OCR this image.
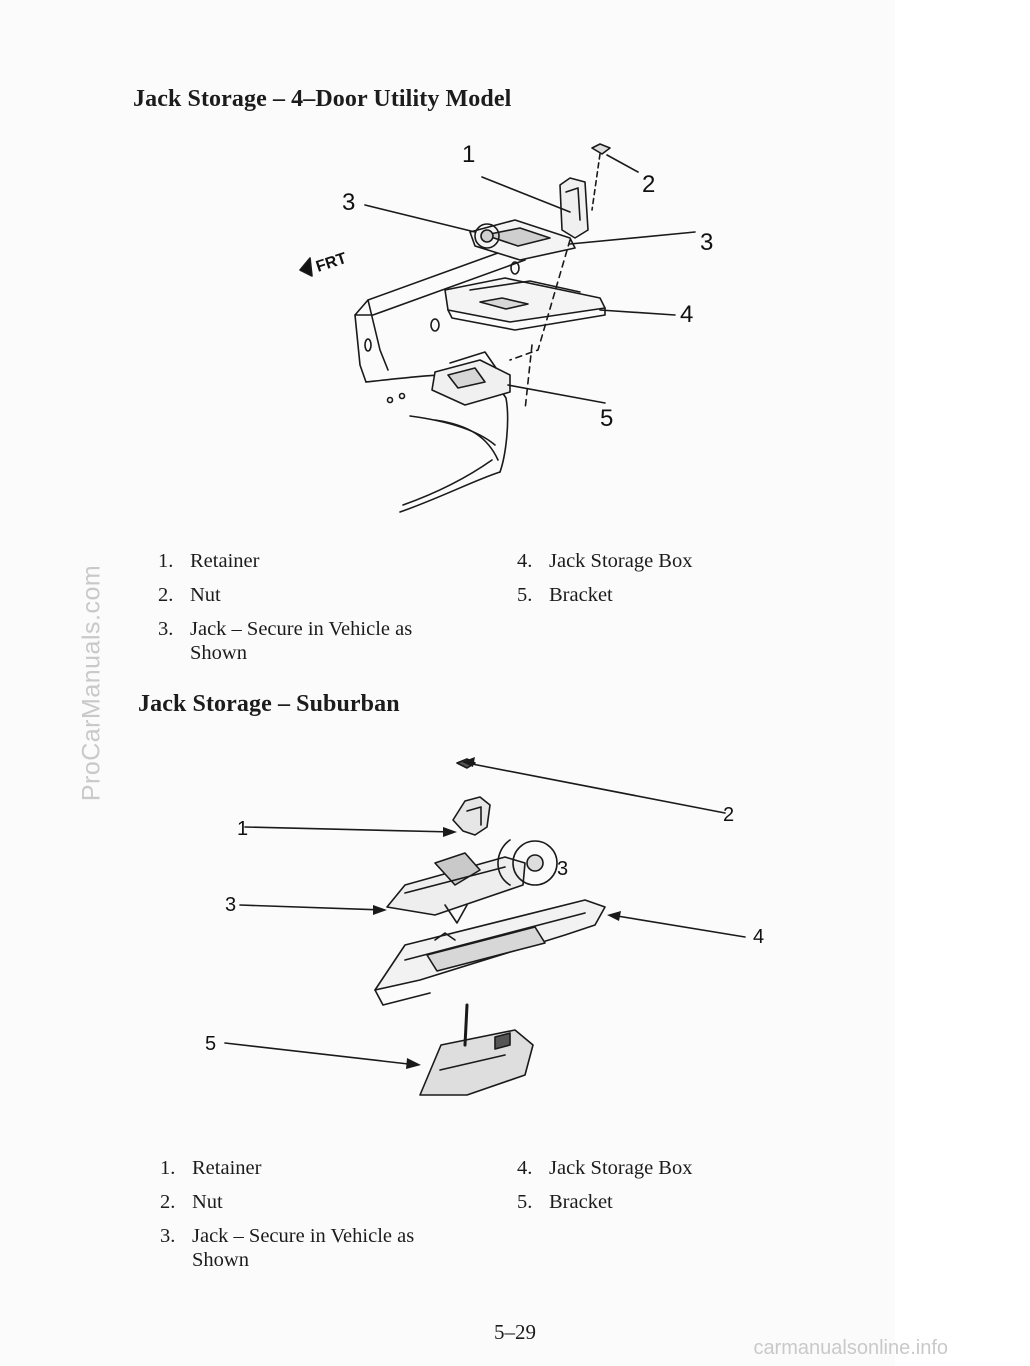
ProCarManuals.com
carmanualsonline.info
Jack Storage – 4–Door Utility Model
FRT
1
2
3
3
4
5
1. Retainer
2. Nut
3. Jack – Secure in Vehicle as Shown
4. Jack Storage Box
5. Bracket
Jack Storage – Suburban
1
2
3
3
4
5
1. Retainer
2. Nut
3. Jack – Secure in Vehicle as Shown
4. Jack Storage Box
5. Bracket
5–29
